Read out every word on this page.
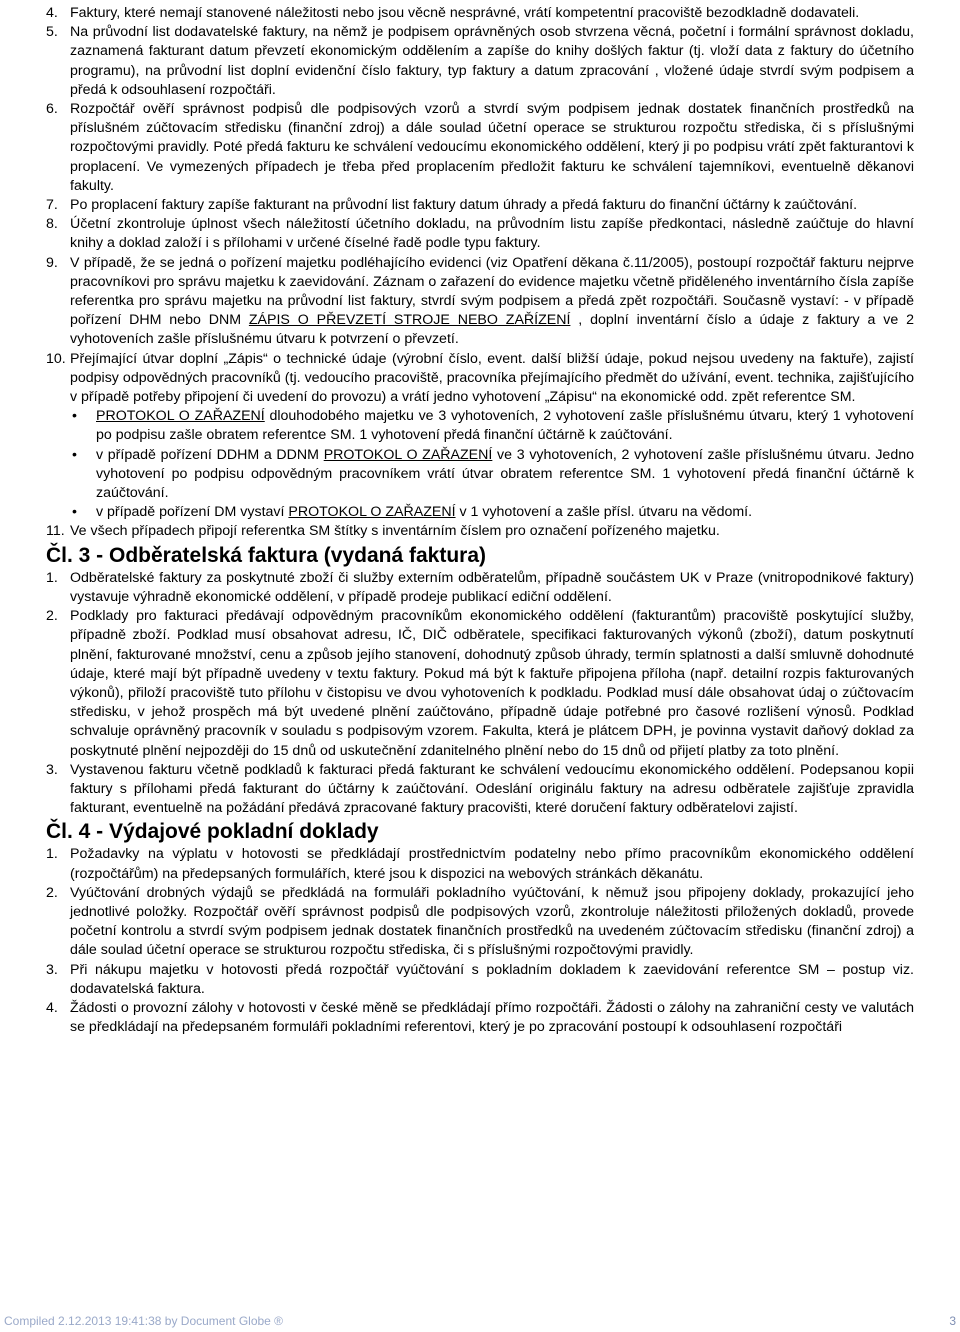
4. Faktury, které nemají stanovené náležitosti nebo jsou věcně nesprávné, vrátí kompetentní pracoviště bezodkladně dodavateli.
5. Na průvodní list dodavatelské faktury, na němž je podpisem oprávněných osob stvrzena věcná, početní i formální správnost dokladu, zaznamená fakturant datum převzetí ekonomickým oddělením a zapíše do knihy došlých faktur (tj. vloží data z faktury do účetního programu), na průvodní list doplní evidenční číslo faktury, typ faktury a datum zpracování , vložené údaje stvrdí svým podpisem a předá k odsouhlasení rozpočtáři.
6. Rozpočtář ověří správnost podpisů dle podpisových vzorů a stvrdí svým podpisem jednak dostatek finančních prostředků na příslušném zúčtovacím středisku (finanční zdroj) a dále soulad účetní operace se strukturou rozpočtu střediska, či s příslušnými rozpočtovými pravidly. Poté předá fakturu ke schválení vedoucímu ekonomického oddělení, který ji po podpisu vrátí zpět fakturantovi k proplacení. Ve vymezených případech je třeba před proplacením předložit fakturu ke schválení tajemníkovi, eventuelně děkanovi fakulty.
7. Po proplacení faktury zapíše fakturant na průvodní list faktury datum úhrady a předá fakturu do finanční účtárny k zaúčtování.
8. Účetní zkontroluje úplnost všech náležitostí účetního dokladu, na průvodním listu zapíše předkontaci, následně zaúčtuje do hlavní knihy a doklad založí i s přílohami v určené číselné řadě podle typu faktury.
9. V případě, že se jedná o pořízení majetku podléhajícího evidenci (viz Opatření děkana č.11/2005), postoupí rozpočtář fakturu nejprve pracovníkovi pro správu majetku k zaevidování. Záznam o zařazení do evidence majetku včetně přiděleného inventárního čísla zapíše referentka pro správu majetku na průvodní list faktury, stvrdí svým podpisem a předá zpět rozpočtáři. Současně vystaví: - v případě pořízení DHM nebo DNM ZÁPIS O PŘEVZETÍ STROJE NEBO ZAŘÍZENÍ , doplní inventární číslo a údaje z faktury a ve 2 vyhotoveních zašle příslušnému útvaru k potvrzení o převzetí.
10. Přejímající útvar doplní „Zápis“ o technické údaje (výrobní číslo, event. další bližší údaje, pokud nejsou uvedeny na faktuře), zajistí podpisy odpovědných pracovníků (tj. vedoucího pracoviště, pracovníka přejímajícího předmět do užívání, event. technika, zajišťujícího v případě potřeby připojení či uvedení do provozu) a vrátí jedno vyhotovení „Zápisu“ na ekonomické odd. zpět referentce SM.
• PROTOKOL O ZAŘAZENÍ dlouhodobého majetku ve 3 vyhotoveních, 2 vyhotovení zašle příslušnému útvaru, který 1 vyhotovení po podpisu zašle obratem referentce SM. 1 vyhotovení předá finanční účtárně k zaúčtování.
• v případě pořízení DDHM a DDNM PROTOKOL O ZAŘAZENÍ ve 3 vyhotoveních, 2 vyhotovení zašle příslušnému útvaru. Jedno vyhotovení po podpisu odpovědným pracovníkem vrátí útvar obratem referentce SM. 1 vyhotovení předá finanční účtárně k zaúčtování.
• v případě pořízení DM vystaví PROTOKOL O ZAŘAZENÍ v 1 vyhotovení a zašle přísl. útvaru na vědomí.
11. Ve všech případech připojí referentka SM štítky s inventárním číslem pro označení pořízeného majetku.
Čl. 3 - Odběratelská faktura (vydaná faktura)
1. Odběratelské faktury za poskytnuté zboží či služby externím odběratelům, případně součástem UK v Praze (vnitropodnikové faktury) vystavuje výhradně ekonomické oddělení, v případě prodeje publikací ediční oddělení.
2. Podklady pro fakturaci předávají odpovědným pracovníkům ekonomického oddělení (fakturantům) pracoviště poskytující služby, případně zboží. Podklad musí obsahovat adresu, IČ, DIČ odběratele, specifikaci fakturovaných výkonů (zboží), datum poskytnutí plnění, fakturované množství, cenu a způsob jejího stanovení, dohodnutý způsob úhrady, termín splatnosti a další smluvně dohodnuté údaje, které mají být případně uvedeny v textu faktury. Pokud má být k faktuře připojena příloha (např. detailní rozpis fakturovaných výkonů), přiloží pracoviště tuto přílohu v čistopisu ve dvou vyhotoveních k podkladu. Podklad musí dále obsahovat údaj o zúčtovacím středisku, v jehož prospěch má být uvedené plnění zaúčtováno, případně údaje potřebné pro časové rozlišení výnosů. Podklad schvaluje oprávněný pracovník v souladu s podpisovým vzorem. Fakulta, která je plátcem DPH, je povinna vystavit daňový doklad za poskytnuté plnění nejpozději do 15 dnů od uskutečnění zdanitelného plnění nebo do 15 dnů od přijetí platby za toto plnění.
3. Vystavenou fakturu včetně podkladů k fakturaci předá fakturant ke schválení vedoucímu ekonomického oddělení. Podepsanou kopii faktury s přílohami předá fakturant do účtárny k zaúčtování. Odeslání originálu faktury na adresu odběratele zajišťuje zpravidla fakturant, eventuelně na požádání předává zpracované faktury pracovišti, které doručení faktury odběratelovi zajistí.
Čl. 4 - Výdajové pokladní doklady
1. Požadavky na výplatu v hotovosti se předkládají prostřednictvím podatelny nebo přímo pracovníkům ekonomického oddělení (rozpočtářům) na předepsaných formulářích, které jsou k dispozici na webových stránkách děkanátu.
2. Vyúčtování drobných výdajů se předkládá na formuláři pokladního vyúčtování, k němuž jsou připojeny doklady, prokazující jeho jednotlivé položky. Rozpočtář ověří správnost podpisů dle podpisových vzorů, zkontroluje náležitosti přiložených dokladů, provede početní kontrolu a stvrdí svým podpisem jednak dostatek finančních prostředků na uvedeném zúčtovacím středisku (finanční zdroj) a dále soulad účetní operace se strukturou rozpočtu střediska, či s příslušnými rozpočtovými pravidly.
3. Při nákupu majetku v hotovosti předá rozpočtář vyúčtování s pokladním dokladem k zaevidování referentce SM – postup viz. dodavatelská faktura.
4. Žádosti o provozní zálohy v hotovosti v české měně se předkládají přímo rozpočtáři. Žádosti o zálohy na zahraniční cesty ve valutách se předkládají na předepsaném formuláři pokladními referentovi, který je po zpracování postoupí k odsouhlasení rozpočtáři
Compiled 2.12.2013 19:41:38 by Document Globe ®	3
